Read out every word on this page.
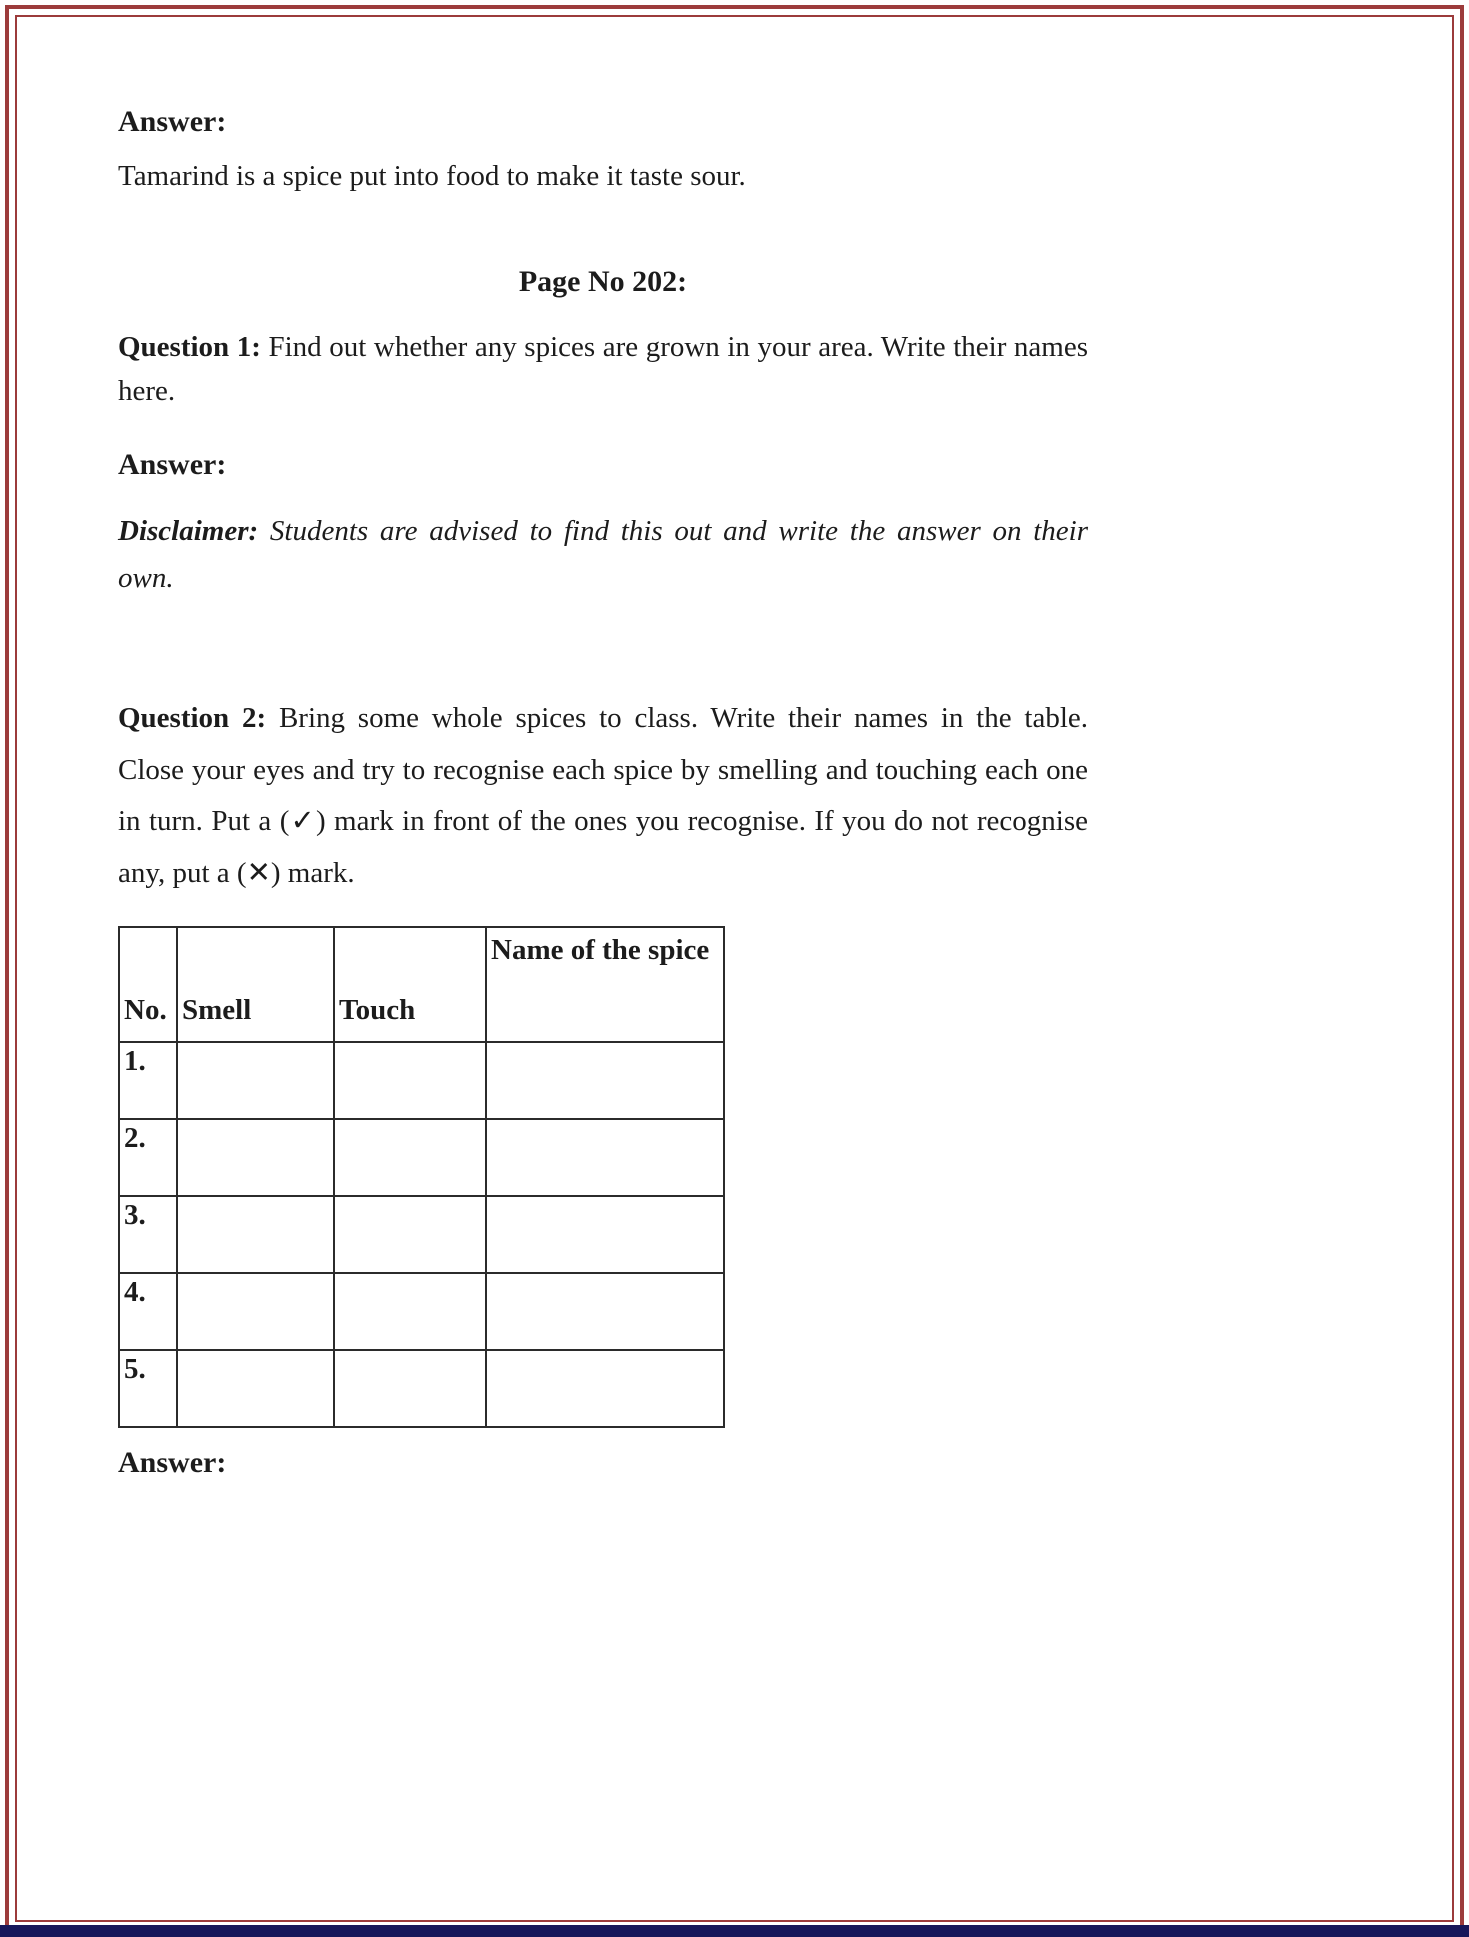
Answer:

Tamarind is a spice put into food to make it taste sour.

Page No 202:

Question 1: Find out whether any spices are grown in your area. Write their names here.

Answer:

Disclaimer: Students are advised to find this out and write the answer on their own.

Question 2: Bring some whole spices to class. Write their names in the table. Close your eyes and try to recognise each spice by smelling and touching each one in turn. Put a (✓) mark in front of the ones you recognise. If you do not recognise any, put a (✕) mark.

No.	Smell	Touch	Name of the spice
1.			
2.			
3.			
4.			
5.			

Answer:
